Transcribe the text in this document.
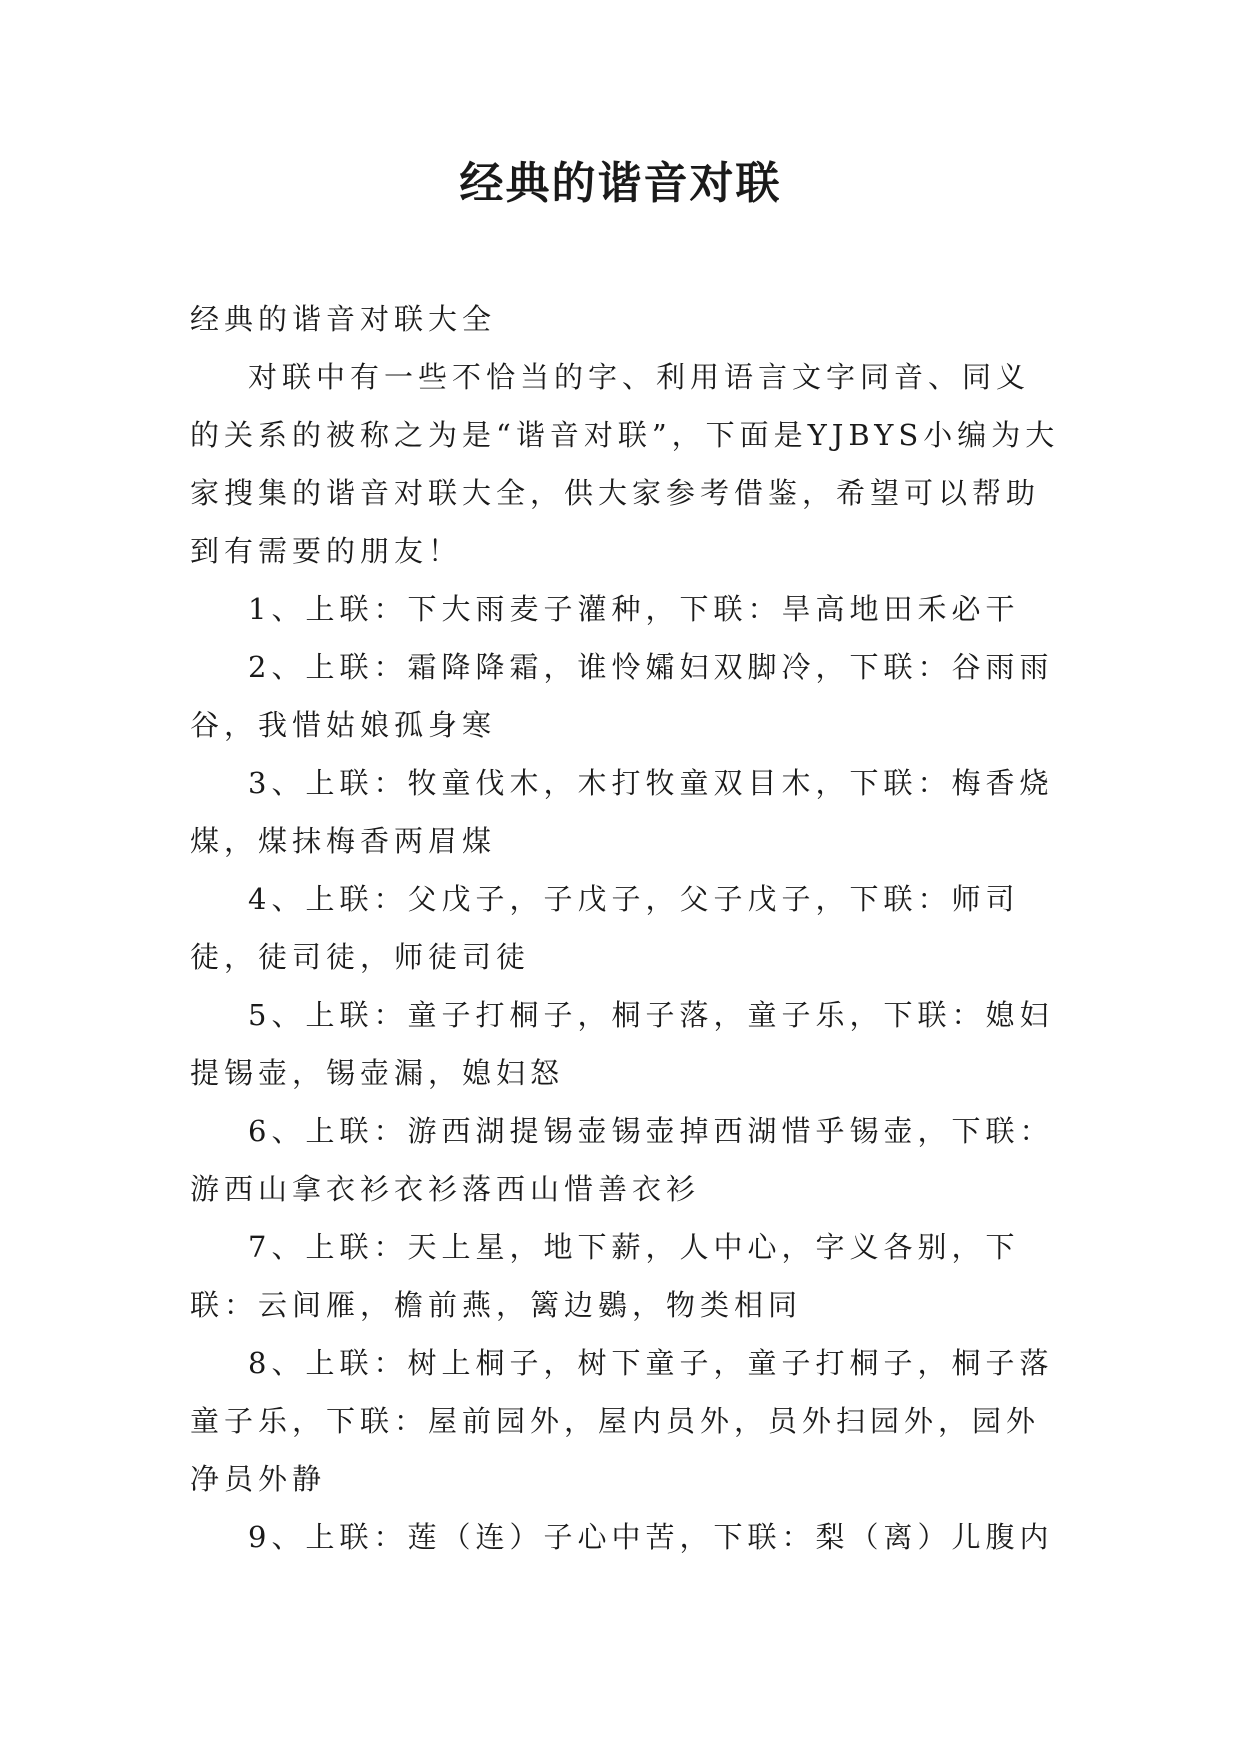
经典的谐音对联

经典的谐音对联大全

对联中有一些不恰当的字、利用语言文字同音、同义的关系的被称之为是“谐音对联”，下面是YJBYS小编为大家搜集的谐音对联大全，供大家参考借鉴，希望可以帮助到有需要的朋友！

1、上联：下大雨麦子灌种，下联：旱高地田禾必干

2、上联：霜降降霜，谁怜孀妇双脚冷，下联：谷雨雨谷，我惜姑娘孤身寒

3、上联：牧童伐木，木打牧童双目木，下联：梅香烧煤，煤抹梅香两眉煤

4、上联：父戊子，子戊子，父子戊子，下联：师司徒，徒司徒，师徒司徒

5、上联：童子打桐子，桐子落，童子乐，下联：媳妇提锡壶，锡壶漏，媳妇怒

6、上联：游西湖提锡壶锡壶掉西湖惜乎锡壶，下联：游西山拿衣衫衣衫落西山惜善衣衫

7、上联：天上星，地下薪，人中心，字义各别，下联：云间雁，檐前燕，篱边鷃，物类相同

8、上联：树上桐子，树下童子，童子打桐子，桐子落童子乐，下联：屋前园外，屋内员外，员外扫园外，园外净员外静

9、上联：莲（连）子心中苦，下联：梨（离）儿腹内
